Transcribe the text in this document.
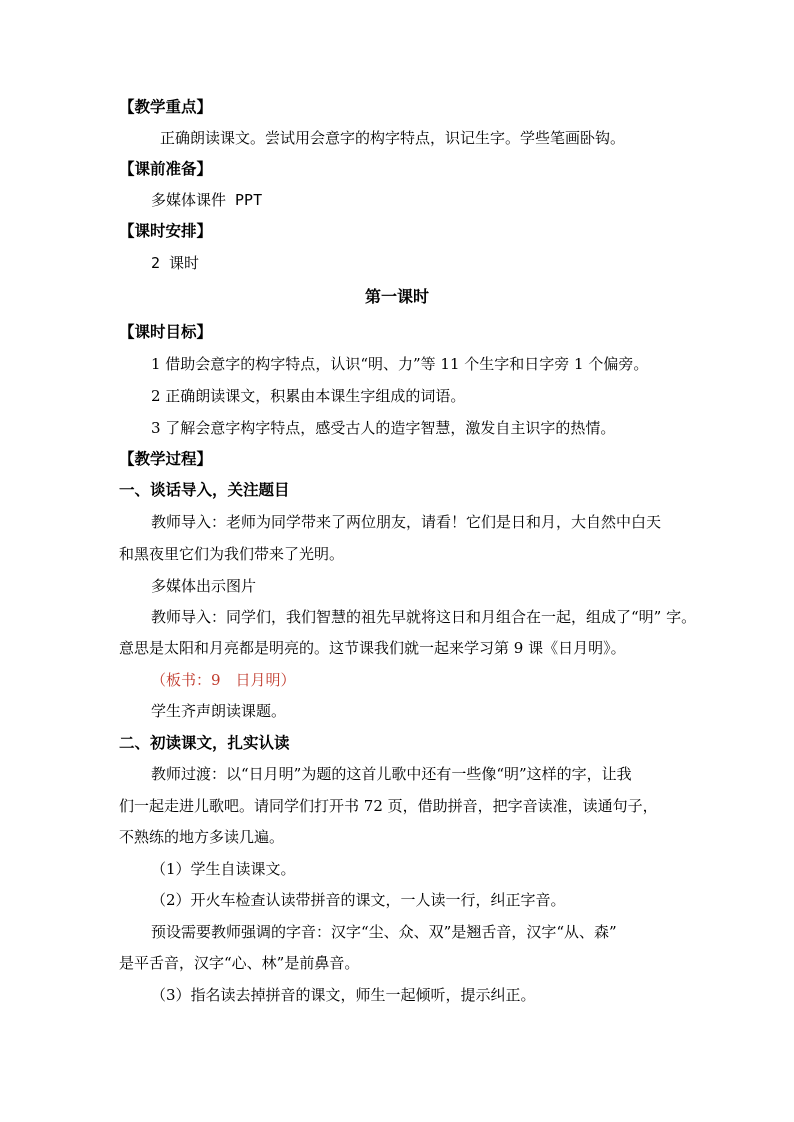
【教学重点】
正确朗读课文。尝试用会意字的构字特点，识记生字。学些笔画卧钩。
【课前准备】
多媒体课件 PPT
【课时安排】
2 课时
第一课时
【课时目标】
1 借助会意字的构字特点，认识“明、力”等 11 个生字和日字旁 1 个偏旁。
2 正确朗读课文，积累由本课生字组成的词语。
3 了解会意字构字特点，感受古人的造字智慧，激发自主识字的热情。
【教学过程】
一、谈话导入，关注题目
教师导入：老师为同学带来了两位朋友，请看！它们是日和月，大自然中白天
和黑夜里它们为我们带来了光明。
多媒体出示图片
教师导入：同学们，我们智慧的祖先早就将这日和月组合在一起，组成了“明” 字。
意思是太阳和月亮都是明亮的。这节课我们就一起来学习第 9 课《日月明》。
（板书：9　日月明）
学生齐声朗读课题。
二、初读课文，扎实认读
教师过渡：以“日月明”为题的这首儿歌中还有一些像“明”这样的字，让我
们一起走进儿歌吧。请同学们打开书 72 页，借助拼音，把字音读准，读通句子，
不熟练的地方多读几遍。
（1）学生自读课文。
（2）开火车检查认读带拼音的课文，一人读一行，纠正字音。
预设需要教师强调的字音：汉字“尘、众、双”是翘舌音，汉字“从、森”
是平舌音，汉字“心、林”是前鼻音。
（3）指名读去掉拼音的课文，师生一起倾听，提示纠正。
